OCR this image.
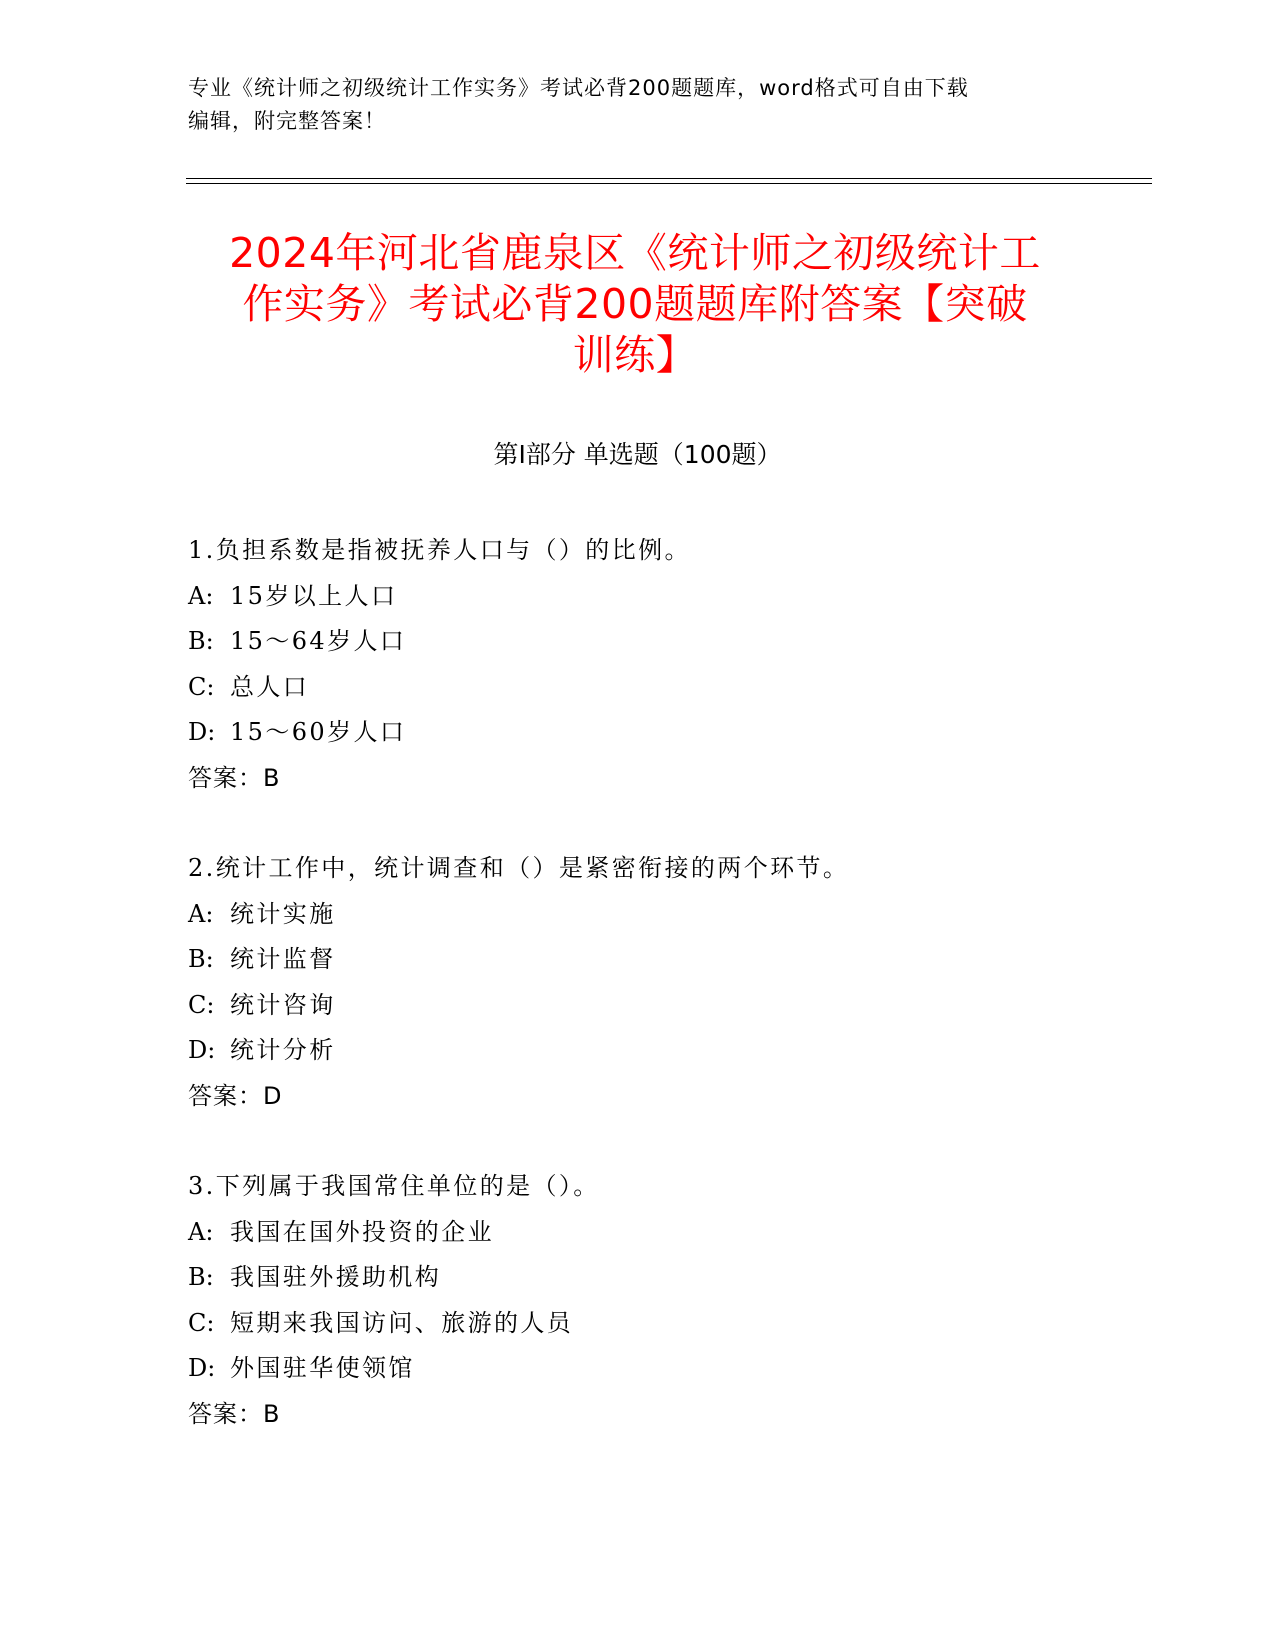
专业《统计师之初级统计工作实务》考试必背200题题库，word格式可自由下载
编辑，附完整答案！
2024年河北省鹿泉区《统计师之初级统计工
作实务》考试必背200题题库附答案【突破
训练】
第I部分 单选题（100题）
1.负担系数是指被抚养人口与（）的比例。
A: 15岁以上人口
B: 15～64岁人口
C: 总人口
D: 15～60岁人口
答案：B
2.统计工作中，统计调查和（）是紧密衔接的两个环节。
A: 统计实施
B: 统计监督
C: 统计咨询
D: 统计分析
答案：D
3.下列属于我国常住单位的是（）。
A: 我国在国外投资的企业
B: 我国驻外援助机构
C: 短期来我国访问、旅游的人员
D: 外国驻华使领馆
答案：B
